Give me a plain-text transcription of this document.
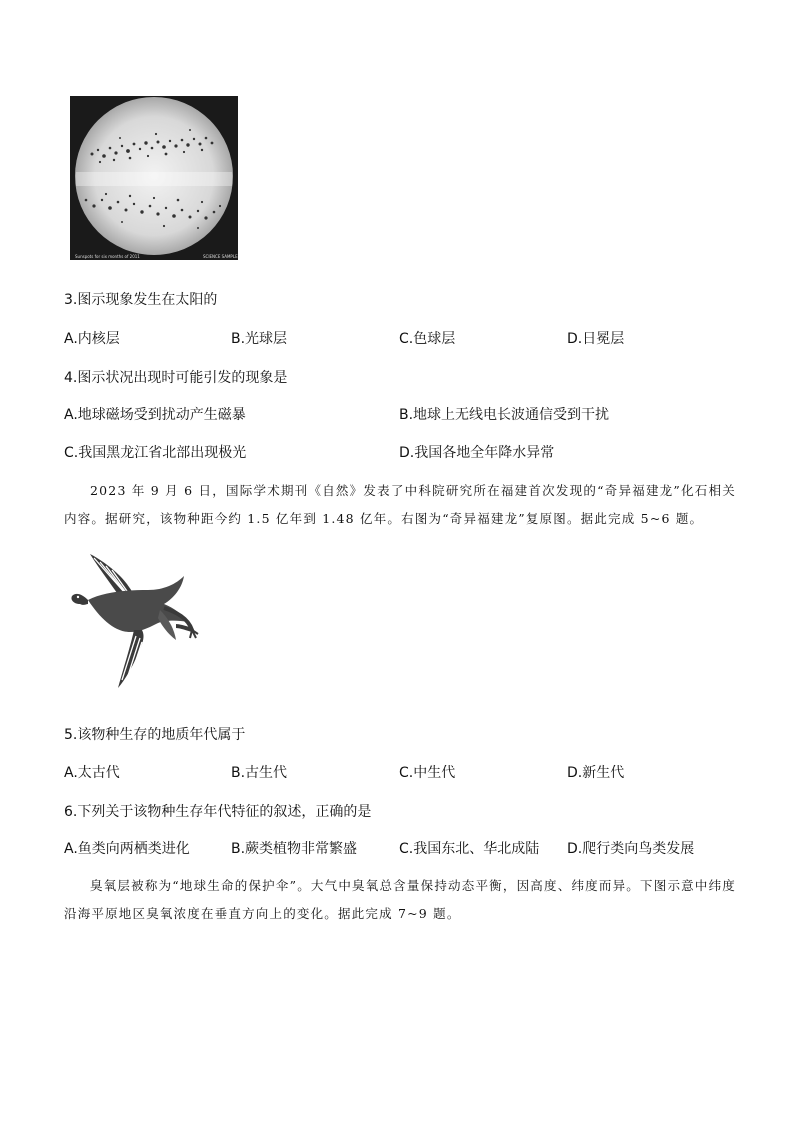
Sunspots for six months of 2011	SCIENCE SAMPLE
3.图示现象发生在太阳的
A.内核层	B.光球层	C.色球层	D.日冕层
4.图示状况出现时可能引发的现象是
A.地球磁场受到扰动产生磁暴	B.地球上无线电长波通信受到干扰
C.我国黑龙江省北部出现极光	D.我国各地全年降水异常
2023 年 9 月 6 日，国际学术期刊《自然》发表了中科院研究所在福建首次发现的“奇异福建龙”化石相关内容。据研究，该物种距今约 1.5 亿年到 1.48 亿年。右图为“奇异福建龙”复原图。据此完成 5~6 题。
5.该物种生存的地质年代属于
A.太古代	B.古生代	C.中生代	D.新生代
6.下列关于该物种生存年代特征的叙述，正确的是
A.鱼类向两栖类进化	B.蕨类植物非常繁盛	C.我国东北、华北成陆 D.爬行类向鸟类发展
臭氧层被称为“地球生命的保护伞”。大气中臭氧总含量保持动态平衡，因高度、纬度而异。下图示意中纬度沿海平原地区臭氧浓度在垂直方向上的变化。据此完成 7~9 题。
